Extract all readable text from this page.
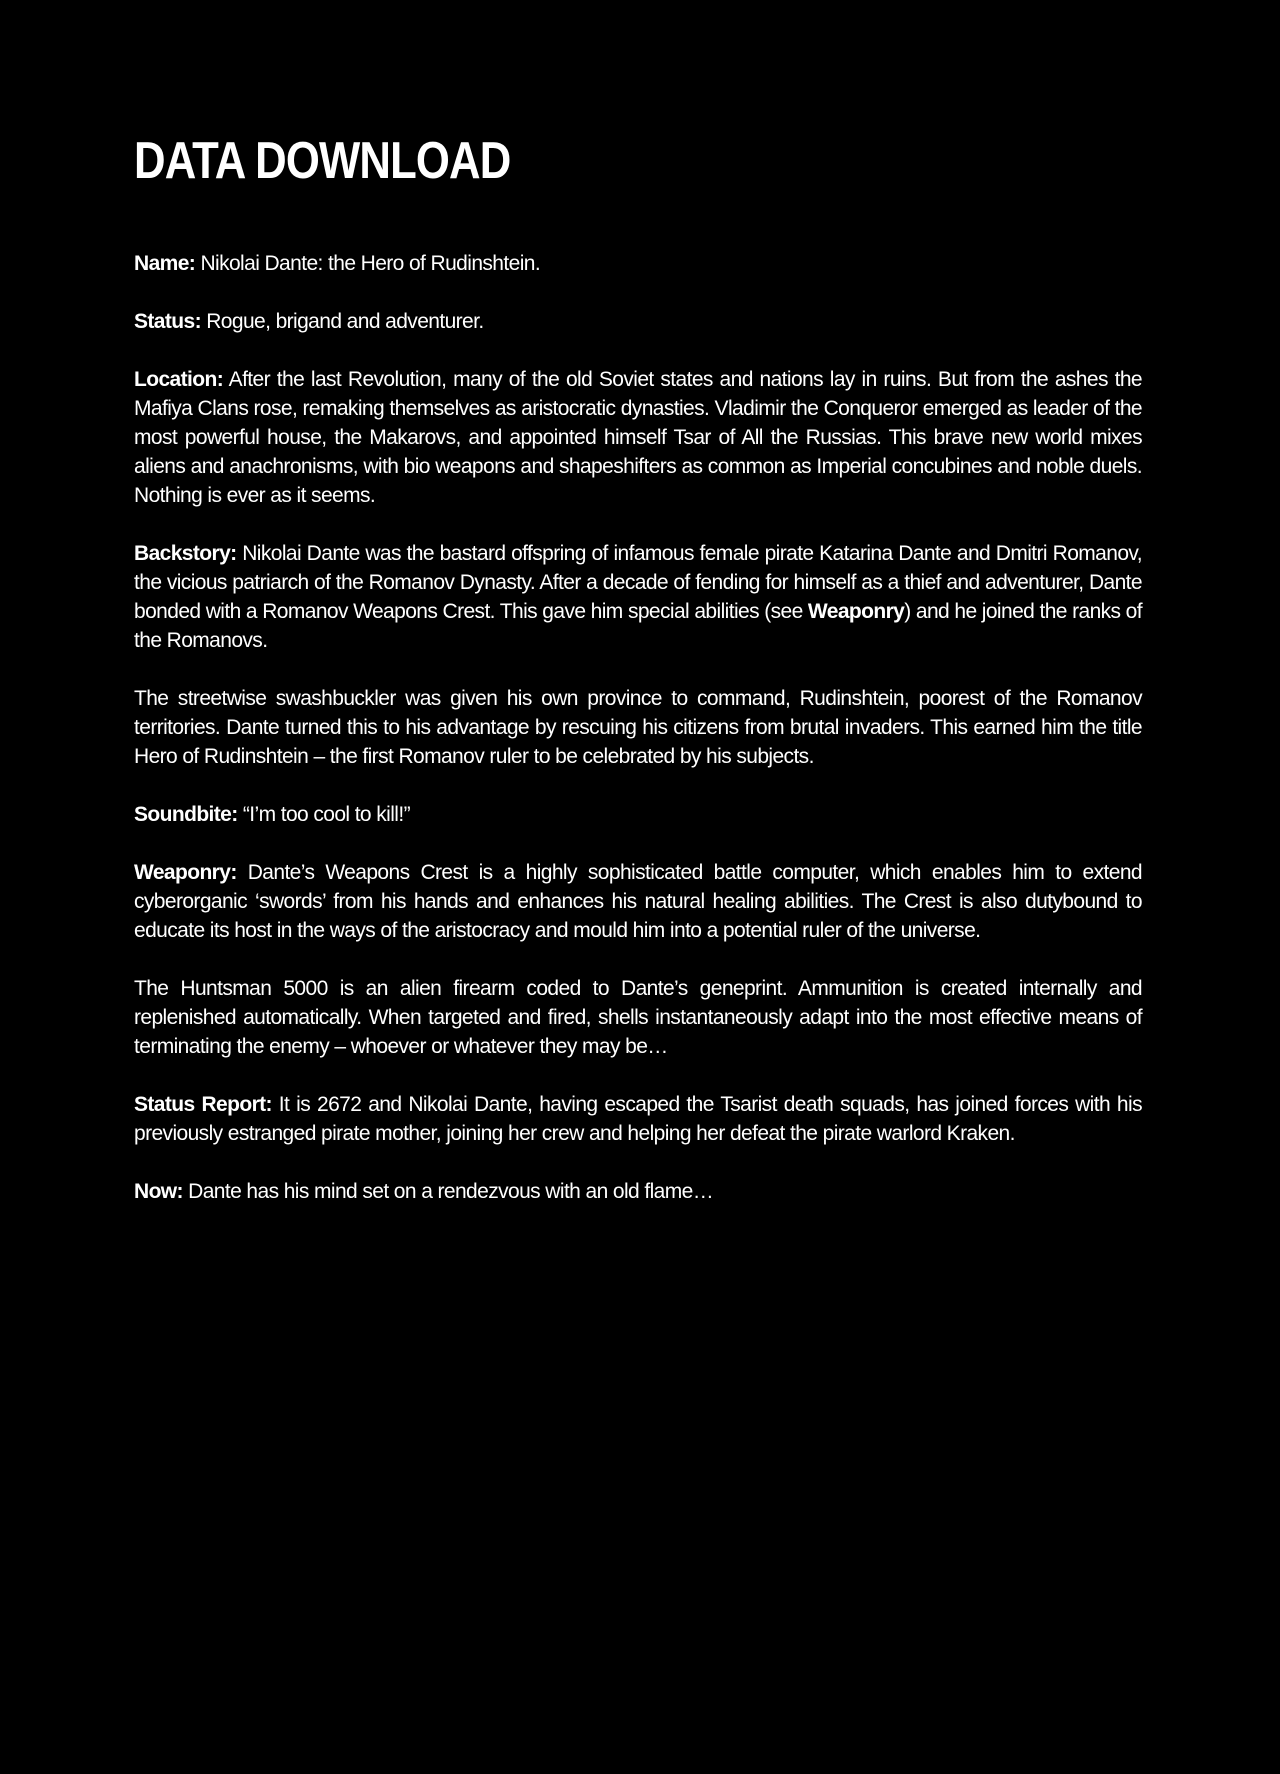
DATA DOWNLOAD

Name: Nikolai Dante: the Hero of Rudinshtein.

Status: Rogue, brigand and adventurer.

Location: After the last Revolution, many of the old Soviet states and nations lay in ruins. But from the ashes the Mafiya Clans rose, remaking themselves as aristocratic dynasties. Vladimir the Conqueror emerged as leader of the most powerful house, the Makarovs, and appointed himself Tsar of All the Russias. This brave new world mixes aliens and anachronisms, with bio weapons and shapeshifters as common as Imperial concubines and noble duels. Nothing is ever as it seems.

Backstory: Nikolai Dante was the bastard offspring of infamous female pirate Katarina Dante and Dmitri Romanov, the vicious patriarch of the Romanov Dynasty. After a decade of fending for himself as a thief and adventurer, Dante bonded with a Romanov Weapons Crest. This gave him special abilities (see Weaponry) and he joined the ranks of the Romanovs.

The streetwise swashbuckler was given his own province to command, Rudinshtein, poorest of the Romanov territories. Dante turned this to his advantage by rescuing his citizens from brutal invaders. This earned him the title Hero of Rudinshtein – the first Romanov ruler to be celebrated by his subjects.

Soundbite: “I’m too cool to kill!”

Weaponry: Dante’s Weapons Crest is a highly sophisticated battle computer, which enables him to extend cyberorganic ‘swords’ from his hands and enhances his natural healing abilities. The Crest is also dutybound to educate its host in the ways of the aristocracy and mould him into a potential ruler of the universe.

The Huntsman 5000 is an alien firearm coded to Dante’s geneprint. Ammunition is created internally and replenished automatically. When targeted and fired, shells instantaneously adapt into the most effective means of terminating the enemy – whoever or whatever they may be…

Status Report: It is 2672 and Nikolai Dante, having escaped the Tsarist death squads, has joined forces with his previously estranged pirate mother, joining her crew and helping her defeat the pirate warlord Kraken.

Now: Dante has his mind set on a rendezvous with an old flame…
